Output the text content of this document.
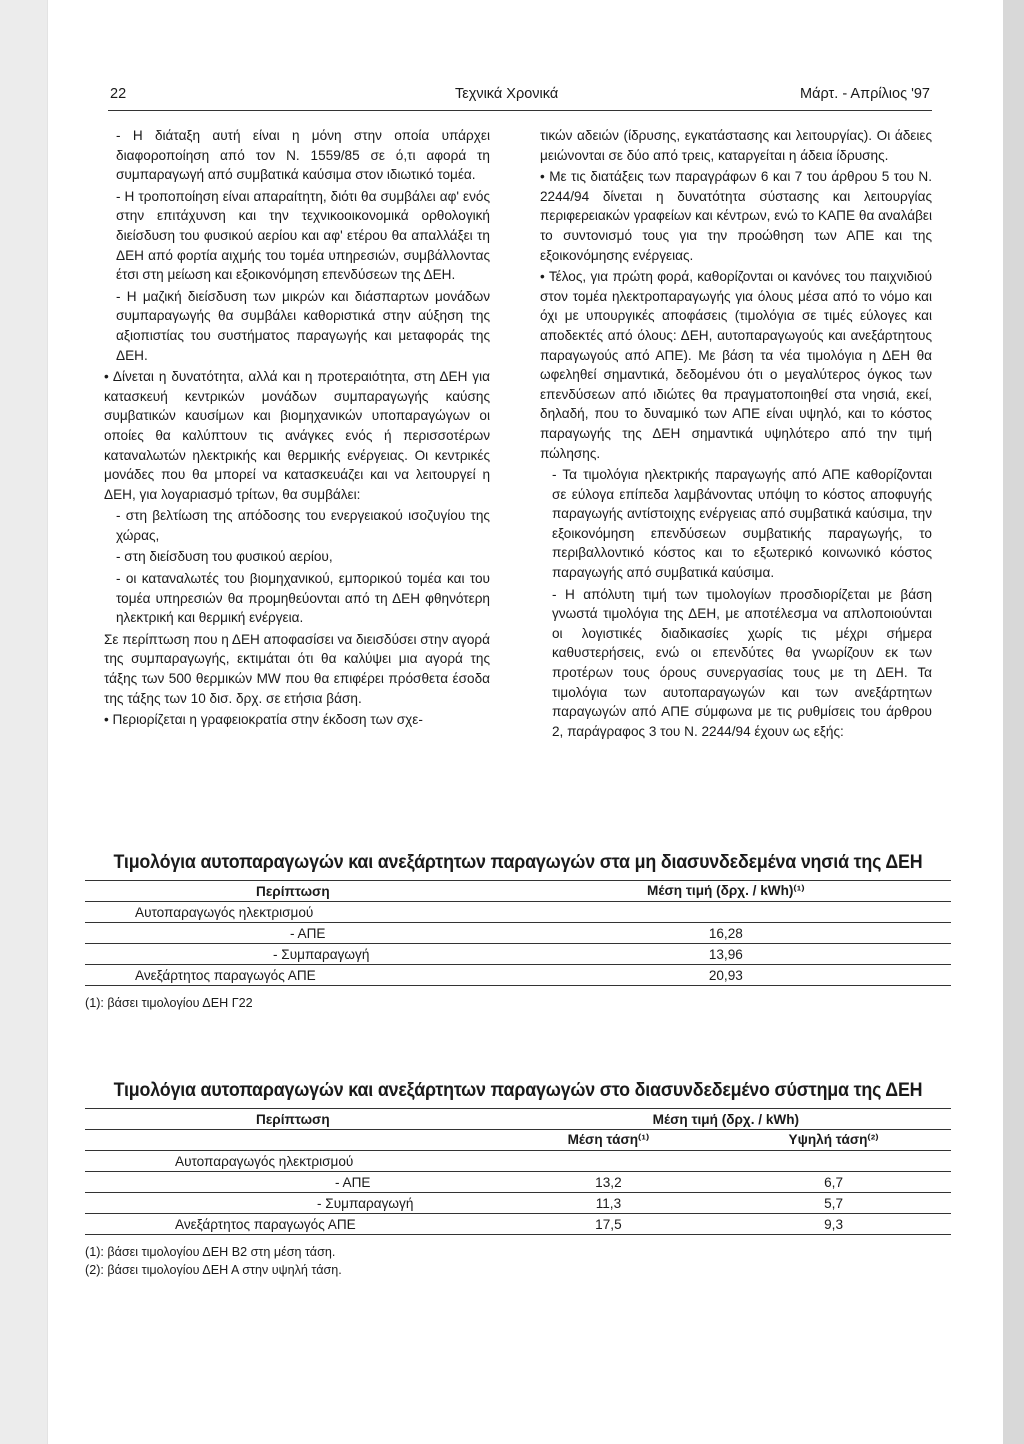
22	Τεχνικά Χρονικά	Μάρτ. - Απρίλιος '97

- Η διάταξη αυτή είναι η μόνη στην οποία υπάρχει διαφοροποίηση από τον Ν. 1559/85 σε ό,τι αφορά τη συμπαραγωγή από συμβατικά καύσιμα στον ιδιωτικό τομέα.

- Η τροποποίηση είναι απαραίτητη, διότι θα συμβάλει αφ' ενός στην επιτάχυνση και την τεχνικοοικονομικά ορθολογική διείσδυση του φυσικού αερίου και αφ' ετέρου θα απαλλάξει τη ΔΕΗ από φορτία αιχμής του τομέα υπηρεσιών, συμβάλλοντας έτσι στη μείωση και εξοικονόμηση επενδύσεων της ΔΕΗ.

- Η μαζική διείσδυση των μικρών και διάσπαρτων μονάδων συμπαραγωγής θα συμβάλει καθοριστικά στην αύξηση της αξιοπιστίας του συστήματος παραγωγής και μεταφοράς της ΔΕΗ.

• Δίνεται η δυνατότητα, αλλά και η προτεραιότητα, στη ΔΕΗ για κατασκευή κεντρικών μονάδων συμπαραγωγής καύσης συμβατικών καυσίμων και βιομηχανικών υποπαραγώγων οι οποίες θα καλύπτουν τις ανάγκες ενός ή περισσοτέρων καταναλωτών ηλεκτρικής και θερμικής ενέργειας. Οι κεντρικές μονάδες που θα μπορεί να κατασκευάζει και να λειτουργεί η ΔΕΗ, για λογαριασμό τρίτων, θα συμβάλει:

- στη βελτίωση της απόδοσης του ενεργειακού ισοζυγίου της χώρας,

- στη διείσδυση του φυσικού αερίου,

- οι καταναλωτές του βιομηχανικού, εμπορικού τομέα και του τομέα υπηρεσιών θα προμηθεύονται από τη ΔΕΗ φθηνότερη ηλεκτρική και θερμική ενέργεια.

Σε περίπτωση που η ΔΕΗ αποφασίσει να διεισδύσει στην αγορά της συμπαραγωγής, εκτιμάται ότι θα καλύψει μια αγορά της τάξης των 500 θερμικών MW που θα επιφέρει πρόσθετα έσοδα της τάξης των 10 δισ. δρχ. σε ετήσια βάση.

• Περιορίζεται η γραφειοκρατία στην έκδοση των σχε-

τικών αδειών (ίδρυσης, εγκατάστασης και λειτουργίας). Οι άδειες μειώνονται σε δύο από τρεις, καταργείται η άδεια ίδρυσης.

• Με τις διατάξεις των παραγράφων 6 και 7 του άρθρου 5 του Ν. 2244/94 δίνεται η δυνατότητα σύστασης και λειτουργίας περιφερειακών γραφείων και κέντρων, ενώ το ΚΑΠΕ θα αναλάβει το συντονισμό τους για την προώθηση των ΑΠΕ και της εξοικονόμησης ενέργειας.

• Τέλος, για πρώτη φορά, καθορίζονται οι κανόνες του παιχνιδιού στον τομέα ηλεκτροπαραγωγής για όλους μέσα από το νόμο και όχι με υπουργικές αποφάσεις (τιμολόγια σε τιμές εύλογες και αποδεκτές από όλους: ΔΕΗ, αυτοπαραγωγούς και ανεξάρτητους παραγωγούς από ΑΠΕ). Με βάση τα νέα τιμολόγια η ΔΕΗ θα ωφεληθεί σημαντικά, δεδομένου ότι ο μεγαλύτερος όγκος των επενδύσεων από ιδιώτες θα πραγματοποιηθεί στα νησιά, εκεί, δηλαδή, που το δυναμικό των ΑΠΕ είναι υψηλό, και το κόστος παραγωγής της ΔΕΗ σημαντικά υψηλότερο από την τιμή πώλησης.

- Τα τιμολόγια ηλεκτρικής παραγωγής από ΑΠΕ καθορίζονται σε εύλογα επίπεδα λαμβάνοντας υπόψη το κόστος αποφυγής παραγωγής αντίστοιχης ενέργειας από συμβατικά καύσιμα, την εξοικονόμηση επενδύσεων συμβατικής παραγωγής, το περιβαλλοντικό κόστος και το εξωτερικό κοινωνικό κόστος παραγωγής από συμβατικά καύσιμα.

- Η απόλυτη τιμή των τιμολογίων προσδιορίζεται με βάση γνωστά τιμολόγια της ΔΕΗ, με αποτέλεσμα να απλοποιούνται οι λογιστικές διαδικασίες χωρίς τις μέχρι σήμερα καθυστερήσεις, ενώ οι επενδύτες θα γνωρίζουν εκ των προτέρων τους όρους συνεργασίας τους με τη ΔΕΗ. Τα τιμολόγια των αυτοπαραγωγών και των ανεξάρτητων παραγωγών από ΑΠΕ σύμφωνα με τις ρυθμίσεις του άρθρου 2, παράγραφος 3 του Ν. 2244/94 έχουν ως εξής:

Τιμολόγια αυτοπαραγωγών και ανεξάρτητων παραγωγών στα μη διασυνδεδεμένα νησιά της ΔΕΗ
Περίπτωση	Μέση τιμή (δρχ. / kWh)⁽¹⁾
Αυτοπαραγωγός ηλεκτρισμού	
- ΑΠΕ	16,28
- Συμπαραγωγή	13,96
Ανεξάρτητος παραγωγός ΑΠΕ	20,93
(1): βάσει τιμολογίου ΔΕΗ Γ22
Τιμολόγια αυτοπαραγωγών και ανεξάρτητων παραγωγών στο διασυνδεδεμένο σύστημα της ΔΕΗ
Περίπτωση	Μέση τιμή (δρχ. / kWh)	
	Μέση τάση⁽¹⁾	Υψηλή τάση⁽²⁾
Αυτοπαραγωγός ηλεκτρισμού		
- ΑΠΕ	13,2	6,7
- Συμπαραγωγή	11,3	5,7
Ανεξάρτητος παραγωγός ΑΠΕ	17,5	9,3
(1): βάσει τιμολογίου ΔΕΗ Β2 στη μέση τάση.
(2): βάσει τιμολογίου ΔΕΗ Α στην υψηλή τάση.
